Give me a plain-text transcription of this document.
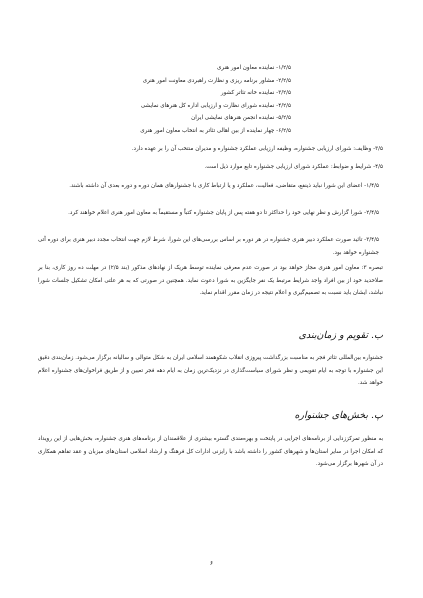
۱/۲/۵- نماینده معاون امور هنری
۲/۲/۵- مشاور برنامه ریزی و نظارت راهبردی معاونت امور هنری
۳/۲/۵- نماینده خانه تئاتر کشور
۴/۲/۵- نماینده شورای نظارت و ارزیابی اداره کل هنرهای نمایشی
۵/۲/۵- نماینده انجمن هنرهای نمایشی ایران
۶/۲/۵- چهار نماینده از بین اهالی تئاتر به انتخاب معاون امور هنری
۳/۵- وظایف: شورای ارزیابی جشنواره، وظیفه ارزیابی عملکرد جشنواره و مدیران منتخب آن را بر عهده دارد.
۴/۵- شرایط و ضوابط: عملکرد شورای ارزیابی جشنواره تابع موارد ذیل است.
۱/۴/۵- اعضای این شورا نباید ذینفع، متقاضی، فعالیت، عملکرد و یا ارتباط کاری با جشنوارهای همان دوره و دوره بعدی آن داشته باشند.
۲/۴/۵- شورا گزارش و نظر نهایی خود را حداکثر تا دو هفته پس از پایان جشنواره کتباً و مستقیماً به معاون امور هنری اعلام خواهند کرد.
۳/۴/۵- تائید صورت عملکرد دبیر هنری جشنواره در هر دوره بر اساس بررسی‌های این شورا، شرط لازم جهت انتخاب مجدد دبیر هنری برای دوره آتی جشنواره خواهد بود.
تبصره ۳: معاون امور هنری مجاز خواهد بود در صورت عدم معرفی نماینده توسط هریک از نهادهای مذکور (بند ۲/۵) در مهلت ده روز کاری، بنا بر صلاحدید خود از بین افراد واجد شرایط مرتبط یک نفر جایگزین به شورا دعوت نماید. همچنین در صورتی که به هر علتی امکان تشکیل جلسات شورا نباشد، ایشان باید نسبت به تصمیم‌گیری و اعلام نتیجه در زمان مقرر اقدام نماید.
ب. تقویم و زمان‌بندی
جشنواره بین‌المللی تئاتر فجر به مناسبت بزرگداشت پیروزی انقلاب شکوهمند اسلامی ایران به شکل متوالی و سالیانه برگزار می‌شود. زمان‌بندی دقیق این جشنواره با توجه به ایام تقویمی و نظر شورای سیاست‌گذاری در نزدیک‌ترین زمان به ایام دهه فجر تعیین و از طریق فراخوان‌های جشنواره اعلام خواهد شد.
پ. بخش‌های جشنواره
به منظور تمرکززدایی از برنامه‌های اجرایی در پایتخت و بهره‌مندی گستره بیشتری از علاقمندان از برنامه‌های هنری جشنواره، بخش‌هایی از این رویداد که امکان اجرا در سایر استان‌ها و شهرهای کشور را داشته باشد با رایزنی ادارات کل فرهنگ و ارشاد اسلامی استان‌های میزبان و عقد تفاهم همکاری در آن شهرها برگزار می‌شود.
۶
